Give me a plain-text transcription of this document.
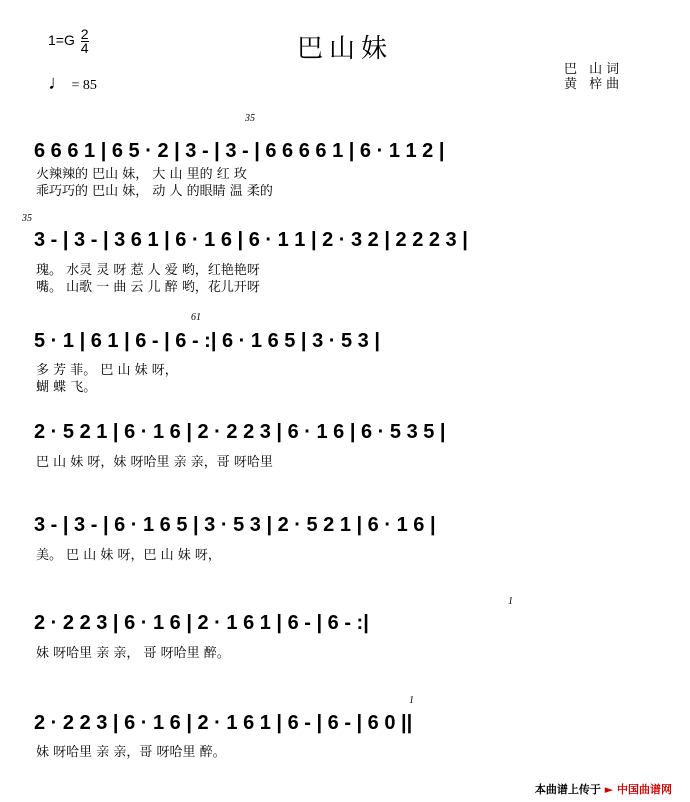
$1=G \frac{2}{4}$
♩ = 85
巴山妹
巴 山词
黄 梓曲
6 6 6 1 | 6 5 · 2 | 3 - | 3 - | 6 6 6 6 1 | 6 · 1 1 2 |
35
火辣辣的 巴山 妹， 大 山 里的 红 玫
乖巧巧的 巴山 妹， 动 人 的眼睛 温 柔的
3 - | 3 - | 3 6 1 | 6 · 1 6 | 6 · 1 1 | 2 · 3 2 | 2 2 2 3 |
35
瑰。 水灵 灵 呀 惹 人 爱 哟，红艳艳呀
嘴。 山歌 一 曲 云 儿 醉 哟，花儿开呀
5 · 1 | 6 1 | 6 - | 6 - :| 6 · 1 6 5 | 3 · 5 3 |
61
多 芳 菲。 巴 山 妹 呀，
蝴 蝶 飞。
2 · 5 2 1 | 6 · 1 6 | 2 · 2 2 3 | 6 · 1 6 | 6 · 5 3 5 |
巴 山 妹 呀，妹 呀哈里 亲 亲，哥 呀哈里
3 - | 3 - | 6 · 1 6 5 | 3 · 5 3 | 2 · 5 2 1 | 6 · 1 6 |
美。 巴 山 妹 呀，巴 山 妹 呀，
2 · 2 2 3 | 6 · 1 6 | 2 · 1 6 1 | 6 - | 6 - :|
1
妹 呀哈里 亲 亲， 哥 呀哈里 醉。
2 · 2 2 3 | 6 · 1 6 | 2 · 1 6 1 | 6 - | 6 - | 6 0 ||
1
妹 呀哈里 亲 亲，哥 呀哈里 醉。
本曲谱上传于 ► 中国曲谱网
